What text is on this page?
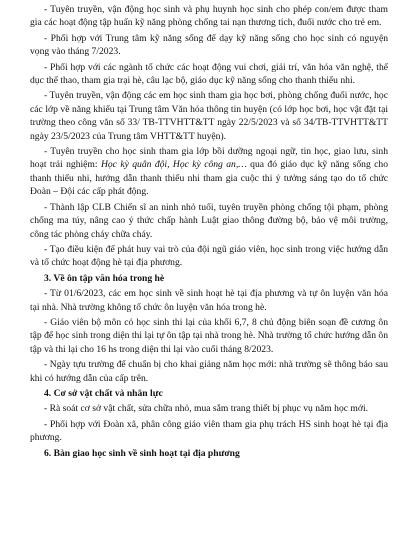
- Tuyên truyền, vận động học sinh và phụ huynh học sinh cho phép con/em được tham gia các hoạt động tập huấn kỹ năng phòng chống tai nạn thương tích, đuối nước cho trẻ em.

- Phối hợp với Trung tâm kỹ năng sống để dạy kỹ năng sống cho học sinh có nguyện vọng vào tháng 7/2023.

- Phối hợp với các ngành tổ chức các hoạt động vui chơi, giải trí, văn hóa văn nghệ, thể dục thể thao, tham gia trại hè, câu lạc bộ, giáo dục kỹ năng sống cho thanh thiếu nhi.

- Tuyên truyền, vận động các em học sinh tham gia học bơi, phòng chống đuối nước, học các lớp về năng khiếu tại Trung tâm Văn hóa thông tin huyện (có lớp học bơi, học vật đặt tại trường theo công văn số 33/ TB-TTVHTT&TT ngày 22/5/2023 và số 34/TB-TTVHTT&TT ngày 23/5/2023 của Trung tâm VHTT&TT huyện).

- Tuyên truyền cho học sinh tham gia lớp bồi dưỡng ngoại ngữ, tin học, giao lưu, sinh hoạt trải nghiệm: Học kỳ quân đội, Học kỳ công an,… qua đó giáo dục kỹ năng sống cho thanh thiếu nhi, hướng dẫn thanh thiếu nhi tham gia cuộc thi ý tưởng sáng tạo do tổ chức Đoàn – Đội các cấp phát động.

- Thành lập CLB Chiến sĩ an ninh nhỏ tuổi, tuyên truyền phòng chống tội phạm, phòng chống ma túy, nâng cao ý thức chấp hành Luật giao thông đường bộ, bảo vệ môi trường, công tác phòng cháy chữa cháy.

- Tạo điều kiện để phát huy vai trò của đội ngũ giáo viên, học sinh trong việc hướng dẫn và tổ chức hoạt động hè tại địa phương.

3. Về ôn tập văn hóa trong hè

- Từ 01/6/2023, các em học sinh về sinh hoạt hè tại địa phương và tự ôn luyện văn hóa tại nhà. Nhà trường không tổ chức ôn luyện văn hóa trong hè.

- Giáo viên bộ môn có học sinh thi lại của khối 6,7, 8 chủ động biên soạn đề cương ôn tập để học sinh trong diện thi lại tự ôn tập tại nhà trong hè. Nhà trường tổ chức hướng dẫn ôn tập và thi lại cho 16 hs trong diện thi lại vào cuối tháng 8/2023.

- Ngày tựu trường để chuẩn bị cho khai giảng năm học mới: nhà trường sẽ thông báo sau khi có hướng dẫn của cấp trên.

4. Cơ sở vật chất và nhân lực

- Rà soát cơ sở vật chất, sửa chữa nhỏ, mua sắm trang thiết bị phục vụ năm học mới.

- Phối hợp với Đoàn xã, phân công giáo viên tham gia phụ trách HS sinh hoạt hè tại địa phương.

6. Bàn giao học sinh về sinh hoạt tại địa phương
